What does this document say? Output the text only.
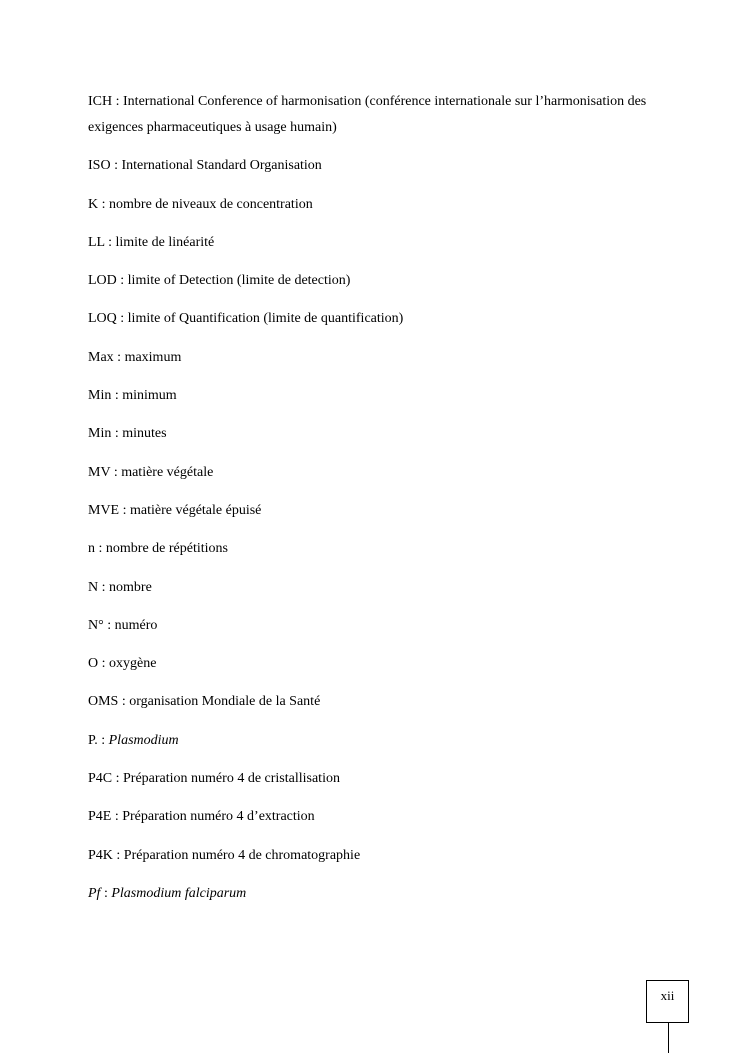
ICH : International Conference of harmonisation (conférence internationale sur l’harmonisation des exigences pharmaceutiques à usage humain)
ISO : International Standard Organisation
K : nombre de niveaux de concentration
LL : limite de linéarité
LOD : limite of Detection (limite de detection)
LOQ : limite of Quantification (limite de quantification)
Max : maximum
Min : minimum
Min : minutes
MV : matière végétale
MVE : matière végétale épuisé
n : nombre de répétitions
N : nombre
N° : numéro
O : oxygène
OMS : organisation Mondiale de la Santé
P. : Plasmodium
P4C : Préparation numéro 4 de cristallisation
P4E : Préparation numéro 4 d’extraction
P4K : Préparation numéro 4 de chromatographie
Pf : Plasmodium falciparum
xii
